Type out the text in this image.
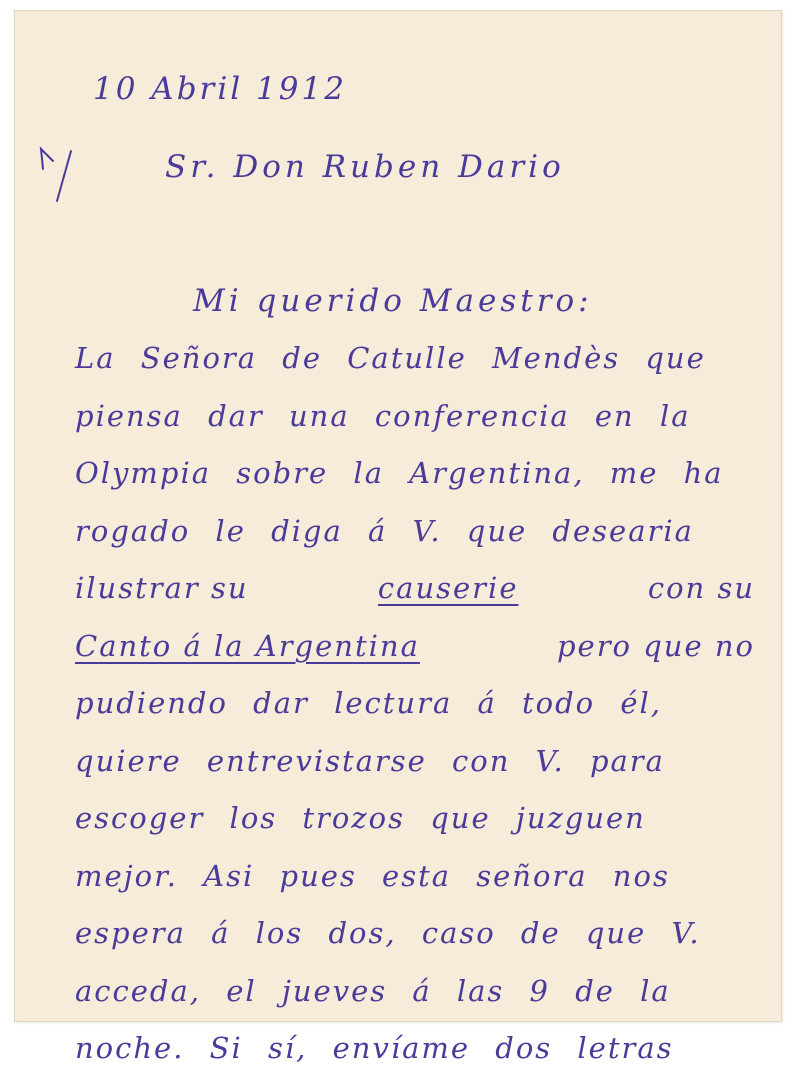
10 Abril 1912
Sr. Don Ruben Dario
Mi querido Maestro:
La Señora de Catulle Mendès que
piensa dar una conferencia en la
Olympia sobre la Argentina, me ha
rogado le diga á V. que desearia
ilustrar su	causerie	con su
Canto á la Argentina	pero que no
pudiendo dar lectura á todo él,
quiere entrevistarse con V. para
escoger los trozos que juzguen
mejor. Asi pues esta señora nos
espera á los dos, caso de que V.
acceda, el jueves á las 9 de la
noche. Si sí, envíame dos letras
